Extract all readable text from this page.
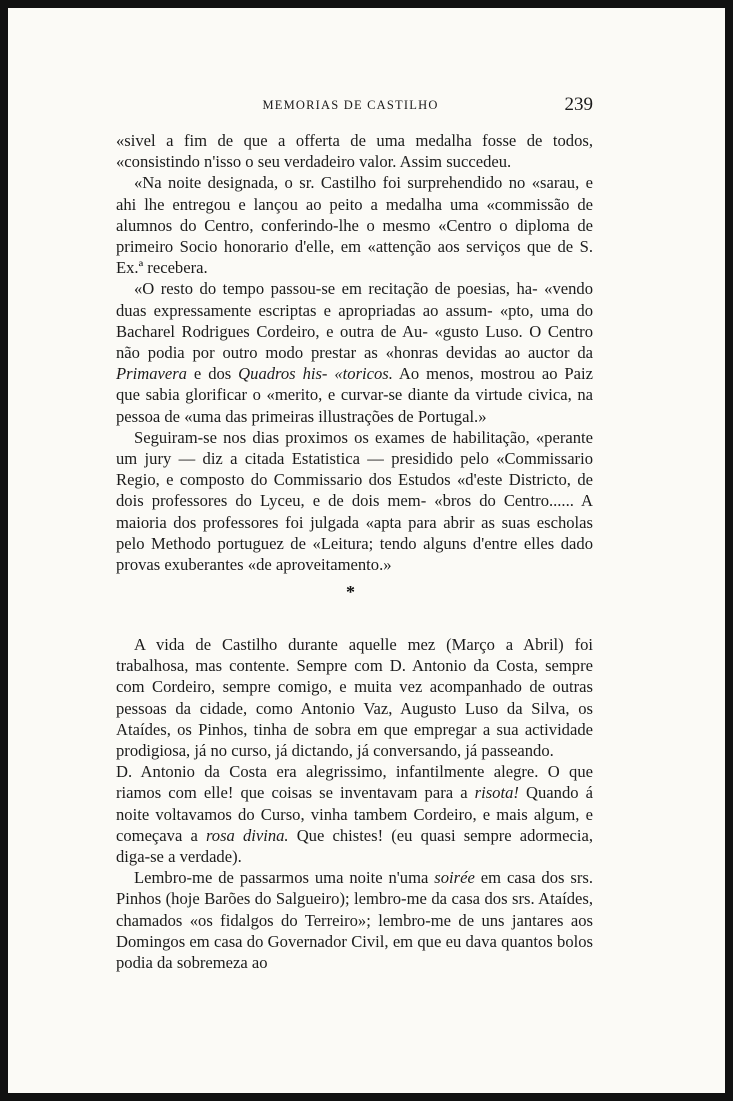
MEMORIAS DE CASTILHO	239

«sivel a fim de que a offerta de uma medalha fosse de todos, «consistindo n'isso o seu verdadeiro valor. Assim succedeu.

«Na noite designada, o sr. Castilho foi surprehendido no «sarau, e ahi lhe entregou e lançou ao peito a medalha uma «commissão de alumnos do Centro, conferindo-lhe o mesmo «Centro o diploma de primeiro Socio honorario d'elle, em «attenção aos serviços que de S. Ex.ª recebera.

«O resto do tempo passou-se em recitação de poesias, ha- «vendo duas expressamente escriptas e apropriadas ao assum- «pto, uma do Bacharel Rodrigues Cordeiro, e outra de Au- «gusto Luso. O Centro não podia por outro modo prestar as «honras devidas ao auctor da Primavera e dos Quadros his- «toricos. Ao menos, mostrou ao Paiz que sabia glorificar o «merito, e curvar-se diante da virtude civica, na pessoa de «uma das primeiras illustrações de Portugal.»

Seguiram-se nos dias proximos os exames de habilitação, «perante um jury — diz a citada Estatistica — presidido pelo «Commissario Regio, e composto do Commissario dos Estudos «d'este Districto, de dois professores do Lyceu, e de dois mem- «bros do Centro...... A maioria dos professores foi julgada «apta para abrir as suas escholas pelo Methodo portuguez de «Leitura; tendo alguns d'entre elles dado provas exuberantes «de aproveitamento.»

*

A vida de Castilho durante aquelle mez (Março a Abril) foi trabalhosa, mas contente. Sempre com D. Antonio da Costa, sempre com Cordeiro, sempre comigo, e muita vez acompanhado de outras pessoas da cidade, como Antonio Vaz, Augusto Luso da Silva, os Ataídes, os Pinhos, tinha de sobra em que empregar a sua actividade prodigiosa, já no curso, já dictando, já conversando, já passeando.

D. Antonio da Costa era alegrissimo, infantilmente alegre. O que riamos com elle! que coisas se inventavam para a risota! Quando á noite voltavamos do Curso, vinha tambem Cordeiro, e mais algum, e começava a rosa divina. Que chistes! (eu quasi sempre adormecia, diga-se a verdade).

Lembro-me de passarmos uma noite n'uma soirée em casa dos srs. Pinhos (hoje Barões do Salgueiro); lembro-me da casa dos srs. Ataídes, chamados «os fidalgos do Terreiro»; lembro-me de uns jantares aos Domingos em casa do Governador Civil, em que eu dava quantos bolos podia da sobremeza ao
